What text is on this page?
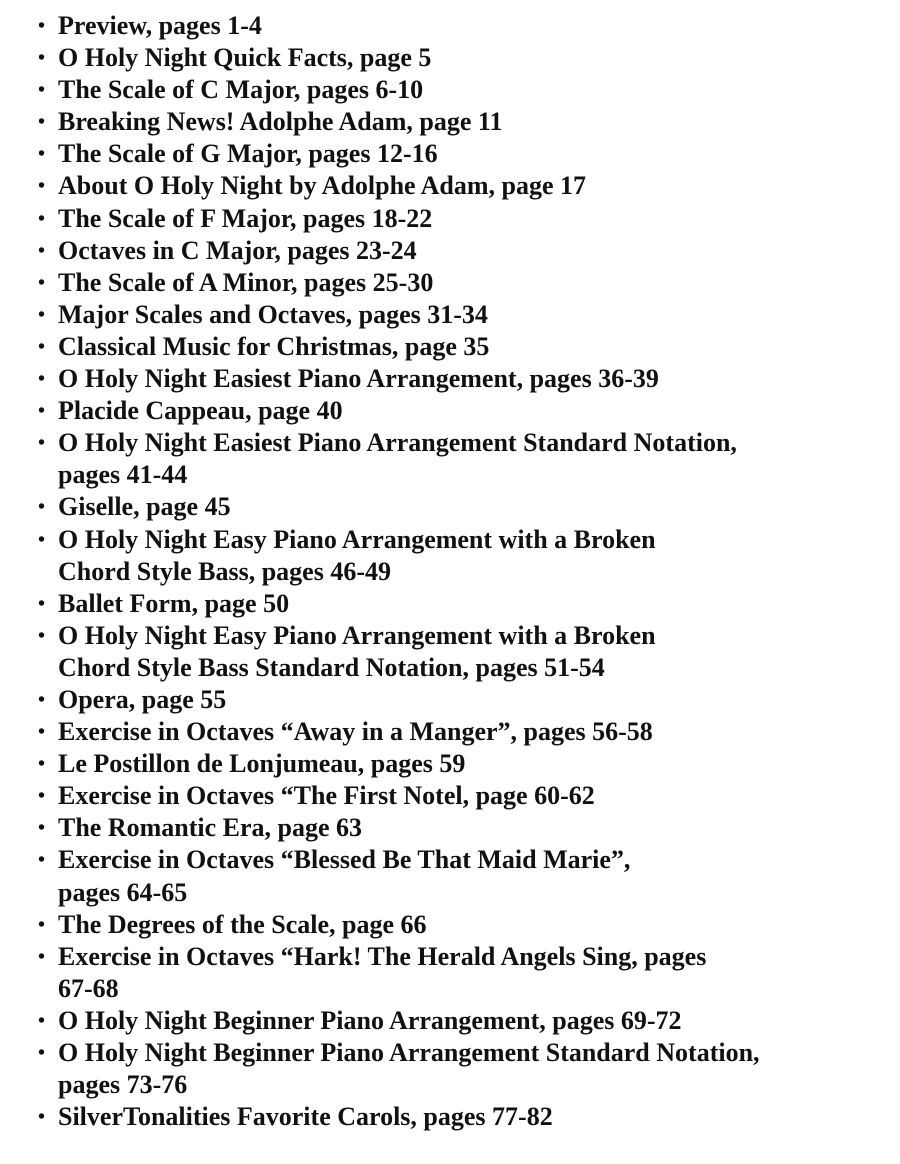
• Preview, pages 1-4
• O Holy Night Quick Facts, page 5
• The Scale of C Major, pages 6-10
• Breaking News! Adolphe Adam, page 11
• The Scale of G Major, pages 12-16
• About O Holy Night by Adolphe Adam, page 17
• The Scale of F Major, pages 18-22
• Octaves in C Major, pages 23-24
• The Scale of A Minor, pages 25-30
• Major Scales and Octaves, pages 31-34
• Classical Music for Christmas, page 35
• O Holy Night Easiest Piano Arrangement, pages 36-39
• Placide Cappeau, page 40
• O Holy Night Easiest Piano Arrangement Standard Notation,
pages 41-44
• Giselle, page 45
• O Holy Night Easy Piano Arrangement with a Broken
Chord Style Bass, pages 46-49
• Ballet Form, page 50
• O Holy Night Easy Piano Arrangement with a Broken
Chord Style Bass Standard Notation, pages 51-54
• Opera, page 55
• Exercise in Octaves “Away in a Manger”, pages 56-58
• Le Postillon de Lonjumeau, pages 59
• Exercise in Octaves “The First Notel, page 60-62
• The Romantic Era, page 63
• Exercise in Octaves “Blessed Be That Maid Marie”,
pages 64-65
• The Degrees of the Scale, page 66
• Exercise in Octaves “Hark! The Herald Angels Sing, pages
67-68
• O Holy Night Beginner Piano Arrangement, pages 69-72
• O Holy Night Beginner Piano Arrangement Standard Notation,
pages 73-76
• SilverTonalities Favorite Carols, pages 77-82
